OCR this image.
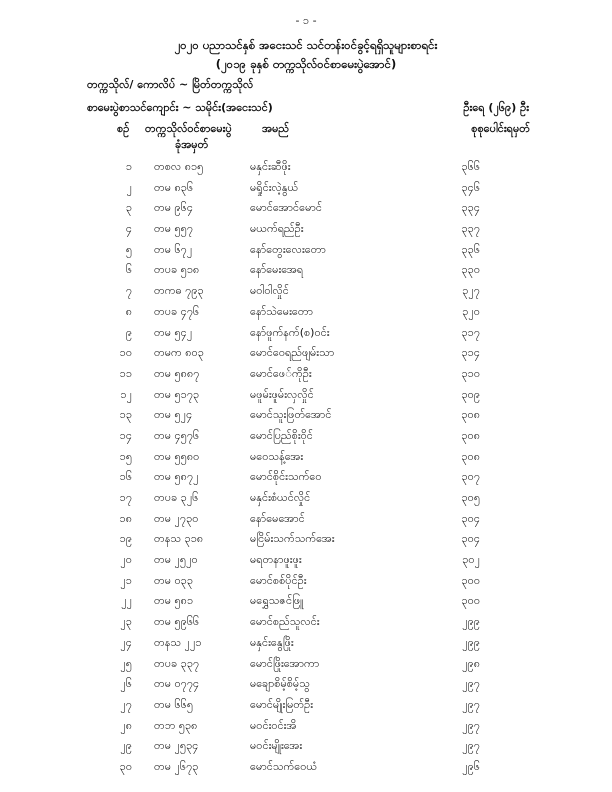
- ၁ -
၂၀၂၀ ပညာသင်နှစ် အငေးသင် သင်တန်းဝင်ခွင့်ရရှိသူများစာရင်း
(၂၀၁၉ ခုနှစ် တက္ကသိုလ်ဝင်စာမေးပွဲအောင်)
တက္ကသိုလ်/ ကောလိပ် ~ မြိတ်တက္ကသိုလ်
စာမေးပွဲစာသင်ကျောင်း ~ သမိုင်း(အငေးသင်)	ဦးရေ (၂၆၉) ဦး
စဉ် တက္ကသိုလ်ဝင်စာမေးပွဲ
ခုံအမှတ်
အမည်	စုစုပေါင်းရမှတ်
၁ တစလ ၈၁၅	မနှင်းဆီဖိုး	၃၆၆
၂ တမ ၈၃၆	မရှိုင်းလဲ့နွယ်	၃၄၆
၃ တမ ၉၆၄	မောင်အောင်မောင်	၃၃၄
၄ တမ ၅၅၇	မယက်ရည်ဦး	၃၃၇
၅ တမ ၆၇၂	နော်တွေးလေးတော	၃၃၆
၆ တပခ ၅၁၈	နော်မေးအေရ	၃၃၀
၇ တကဓ ၇၉၃	မဝါဝါလှိုင်	၃၂၇
၈ တပခ ၄၇၆	နော်သဲမေးတော	၃၂၀
၉ တမ ၅၄၂	နော်ဖူက်နက်(စ)ဝင်း	၃၁၇
၁၀ တမက ၈၀၃	မောင်ဝေရည်ဖျမ်းသာ	၃၁၄
၁၁ တမ ၅၈၈၇	မောင်ဖေ်ကိုဦး	၃၁၀
၁၂ တမ ၅၁၇၃	မဖူမ်းဖူမ်းလှလှိုင်	၃၀၉
၁၃ တမ ၅၂၄	မောင်သူးဖြတ်အောင်	၃၀၈
၁၄ တမ ၄၅၇၆	မောင်ပြည်စိုးဝိုင်	၃၀၈
၁၅ တမ ၅၅၈၀	မဝေသန့်အေး	၃၀၈
၁၆ တမ ၅၈၇၂	မောင်စိုင်းသက်ဝေ	၃၀၇
၁၇ တပခ ၃၂၆	မနှင်းစံယင်လှိုင်	၃၀၅
၁၈ တမ ၂၇၃၀	နော်မေအောင်	၃၀၄
၁၉ တနသ ၃၁၈	မငြိမ်းသက်သက်အေး	၃၀၄
၂၀ တမ ၂၅၂၀	မရတနာဖူးဖူး	၃၀၂
၂၁ တမ ၀၃၃	မောင်စစ်ပိုင်ဦး	၃၀၀
၂၂ တမ ၅၈၁	မရွှေသဇင်ဖြူ	၃၀၀
၂၃ တမ ၅၉၆၆	မောင်စည်သူလင်း	၂၉၉
၂၄ တနသ ၂၂၁	မနှင်းနွေဖြိုး	၂၉၉
၂၅ တပခ ၃၃၇	မောင်ဖြိုးအောကာ	၂၉၈
၂၆ တမ ၀၇၇၄	မချောစိမ့်စိမ့်သွ	၂၉၇
၂၇ တမ ၆၆၅	မောင်မျိုးမြတ်ဦး	၂၉၇
၂၈ တဘ ၅၃၈	မဝင်းဝင်းအိ	၂၉၇
၂၉ တမ ၂၅၃၄	မဝင်းမျိုးအေး	၂၉၇
၃၀ တမ ၂၆၇၃	မောင်သက်ဝေယံ	၂၉၆
